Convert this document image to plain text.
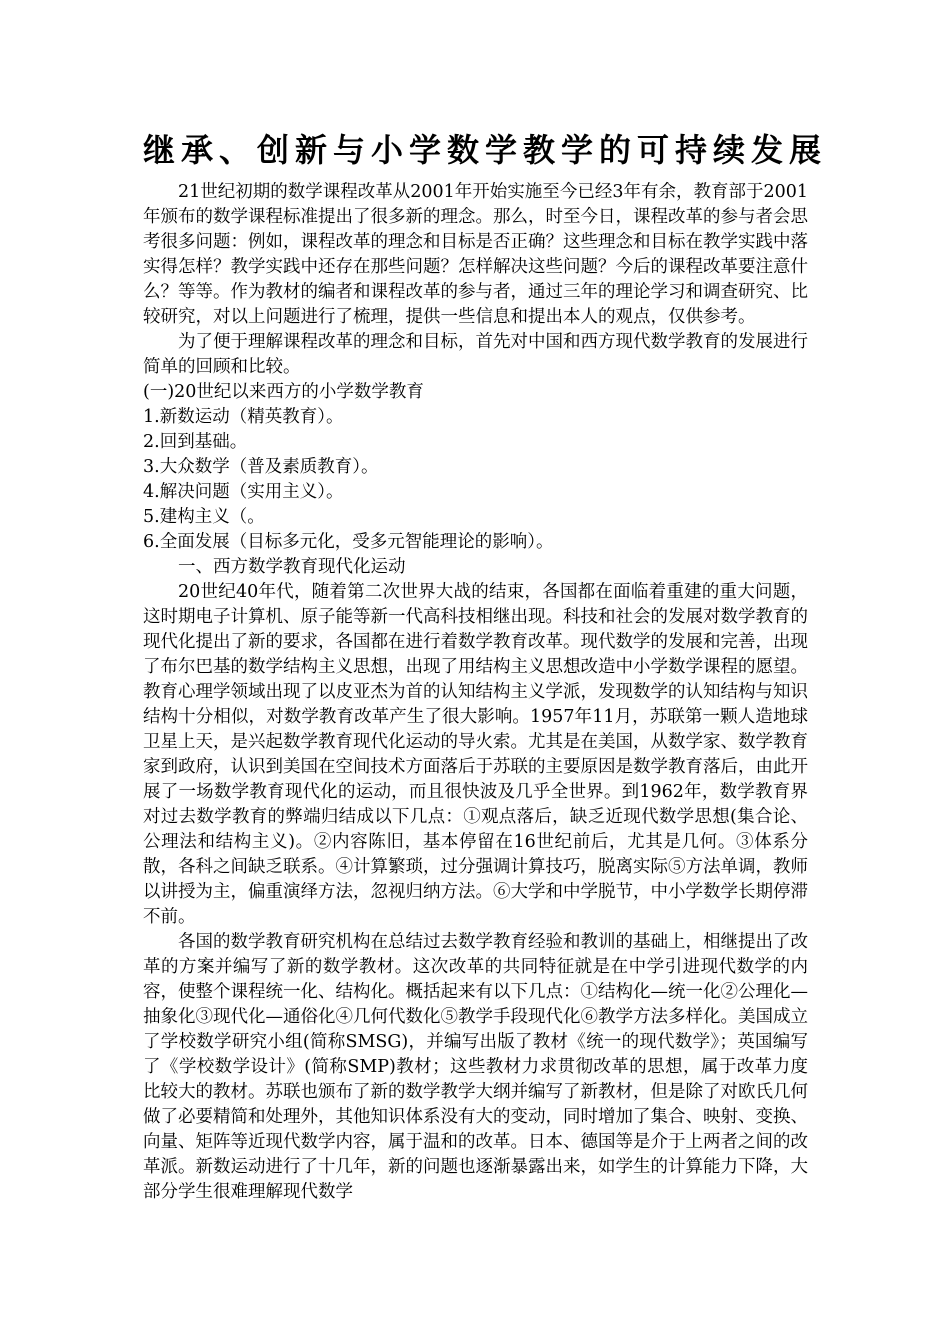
继承、创新与小学数学教学的可持续发展

21世纪初期的数学课程改革从2001年开始实施至今已经3年有余，教育部于2001年颁布的数学课程标准提出了很多新的理念。那么，时至今日，课程改革的参与者会思考很多问题：例如，课程改革的理念和目标是否正确？这些理念和目标在教学实践中落实得怎样？教学实践中还存在那些问题？怎样解决这些问题？今后的课程改革要注意什么？等等。作为教材的编者和课程改革的参与者，通过三年的理论学习和调查研究、比较研究，对以上问题进行了梳理，提供一些信息和提出本人的观点，仅供参考。

为了便于理解课程改革的理念和目标，首先对中国和西方现代数学教育的发展进行简单的回顾和比较。

(一)20世纪以来西方的小学数学教育

1.新数运动（精英教育）。

2.回到基础。

3.大众数学（普及素质教育）。

4.解决问题（实用主义）。

5.建构主义（。

6.全面发展（目标多元化，受多元智能理论的影响）。

一、西方数学教育现代化运动

20世纪40年代，随着第二次世界大战的结束，各国都在面临着重建的重大问题，这时期电子计算机、原子能等新一代高科技相继出现。科技和社会的发展对数学教育的现代化提出了新的要求，各国都在进行着数学教育改革。现代数学的发展和完善，出现了布尔巴基的数学结构主义思想，出现了用结构主义思想改造中小学数学课程的愿望。教育心理学领域出现了以皮亚杰为首的认知结构主义学派，发现数学的认知结构与知识结构十分相似，对数学教育改革产生了很大影响。1957年11月，苏联第一颗人造地球卫星上天，是兴起数学教育现代化运动的导火索。尤其是在美国，从数学家、数学教育家到政府，认识到美国在空间技术方面落后于苏联的主要原因是数学教育落后，由此开展了一场数学教育现代化的运动，而且很快波及几乎全世界。到1962年，数学教育界对过去数学教育的弊端归结成以下几点：①观点落后，缺乏近现代数学思想(集合论、公理法和结构主义)。②内容陈旧，基本停留在16世纪前后，尤其是几何。③体系分散，各科之间缺乏联系。④计算繁琐，过分强调计算技巧，脱离实际⑤方法单调，教师以讲授为主，偏重演绎方法，忽视归纳方法。⑥大学和中学脱节，中小学数学长期停滞不前。

各国的数学教育研究机构在总结过去数学教育经验和教训的基础上，相继提出了改革的方案并编写了新的数学教材。这次改革的共同特征就是在中学引进现代数学的内容，使整个课程统一化、结构化。概括起来有以下几点：①结构化—统一化②公理化—抽象化③现代化—通俗化④几何代数化⑤教学手段现代化⑥教学方法多样化。美国成立了学校数学研究小组(简称SMSG)，并编写出版了教材《统一的现代数学》；英国编写了《学校数学设计》(简称SMP)教材；这些教材力求贯彻改革的思想，属于改革力度比较大的教材。苏联也颁布了新的数学教学大纲并编写了新教材，但是除了对欧氏几何做了必要精简和处理外，其他知识体系没有大的变动，同时增加了集合、映射、变换、向量、矩阵等近现代数学内容，属于温和的改革。日本、德国等是介于上两者之间的改革派。新数运动进行了十几年，新的问题也逐渐暴露出来，如学生的计算能力下降，大部分学生很难理解现代数学
